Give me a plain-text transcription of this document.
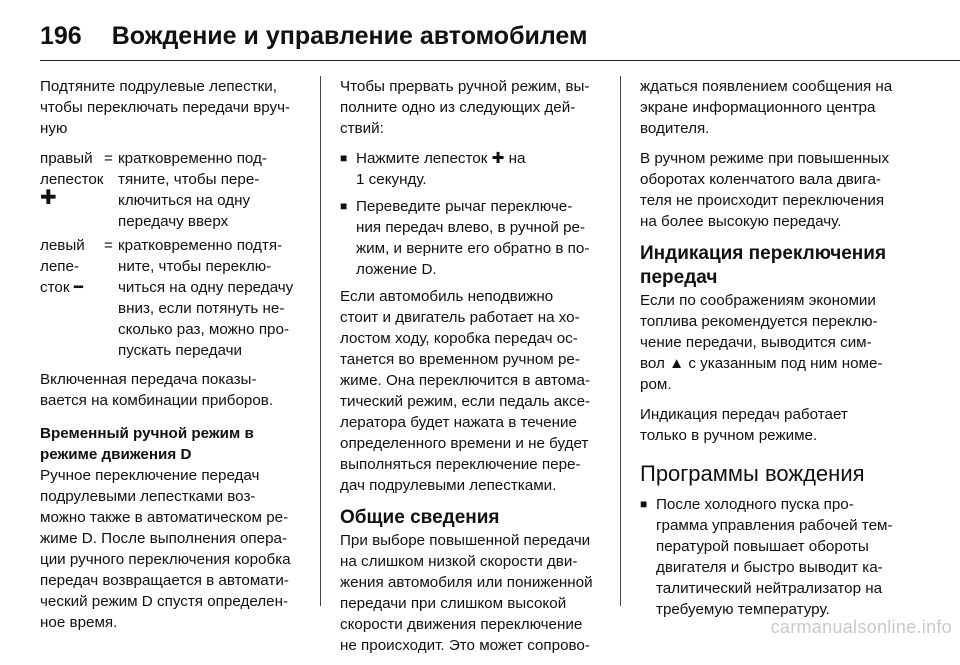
196 Вождение и управление автомобилем

Подтяните подрулевые лепестки,
чтобы переключать передачи вруч-
ную

правый
лепесток
✚
= кратковременно под-
тяните, чтобы пере-
ключиться на одну
передачу вверх
левый
лепе-
сток ━
= кратковременно подтя-
ните, чтобы переклю-
читься на одну передачу
вниз, если потянуть не-
сколько раз, можно про-
пускать передачи

Включенная передача показы-
вается на комбинации приборов.

Временный ручной режим в
режиме движения D

Ручное переключение передач
подрулевыми лепестками воз-
можно также в автоматическом ре-
жиме D. После выполнения опера-
ции ручного переключения коробка
передач возвращается в автомати-
ческий режим D спустя определен-
ное время.

Чтобы прервать ручной режим, вы-
полните одно из следующих дей-
ствий:

■ Нажмите лепесток ✚ на
1 секунду.
■ Переведите рычаг переключе-
ния передач влево, в ручной ре-
жим, и верните его обратно в по-
ложение D.

Если автомобиль неподвижно
стоит и двигатель работает на хо-
лостом ходу, коробка передач ос-
танется во временном ручном ре-
жиме. Она переключится в автома-
тический режим, если педаль аксе-
лератора будет нажата в течение
определенного времени и не будет
выполняться переключение пере-
дач подрулевыми лепестками.

Общие сведения

При выборе повышенной передачи
на слишком низкой скорости дви-
жения автомобиля или пониженной
передачи при слишком высокой
скорости движения переключение
не происходит. Это может сопрово-

ждаться появлением сообщения на
экране информационного центра
водителя.

В ручном режиме при повышенных
оборотах коленчатого вала двига-
теля не происходит переключения
на более высокую передачу.

Индикация переключения
передач

Если по соображениям экономии
топлива рекомендуется переклю-
чение передачи, выводится сим-
вол ▲ с указанным под ним номе-
ром.

Индикация передач работает
только в ручном режиме.

Программы вождения
■ После холодного пуска про-
грамма управления рабочей тем-
пературой повышает обороты
двигателя и быстро выводит ка-
талитический нейтрализатор на
требуемую температуру.
carmanualsonline.info
